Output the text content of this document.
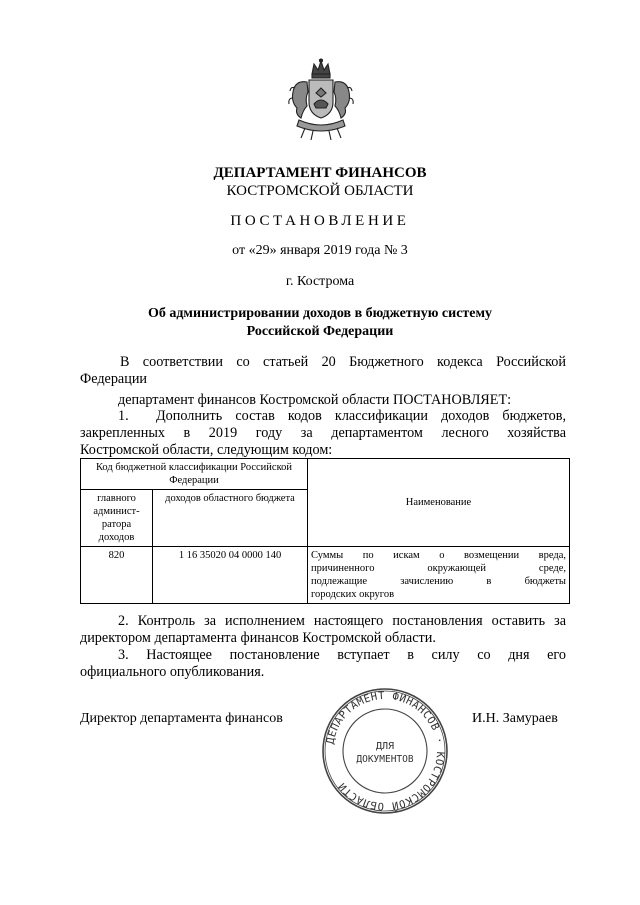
ДЕПАРТАМЕНТ ФИНАНСОВ
КОСТРОМСКОЙ ОБЛАСТИ
ПОСТАНОВЛЕНИЕ
от «29» января 2019 года № 3
г. Кострома
Об администрировании доходов в бюджетную систему
Российской Федерации
В соответствии со статьей 20 Бюджетного кодекса Российской
Федерации
департамент финансов Костромской области ПОСТАНОВЛЯЕТ:
1. Дополнить состав кодов классификации доходов бюджетов,
закрепленных в 2019 году за департаментом лесного хозяйства
Костромской области, следующим кодом:
Код бюджетной классификации Российской Федерации		Наименование

главного
админист-
ратора
доходов	доходов областного бюджета	
820	1 16 35020 04 0000 140	Суммы по искам о возмещении вреда,
причиненного окружающей среде,
подлежащие зачислению в бюджеты
городских округов
2. Контроль за исполнением настоящего постановления оставить за
директором департамента финансов Костромской области.
3. Настоящее постановление вступает в силу со дня его
официального опубликования.
Директор департамента финансов	И.Н. Замураев
ДЕПАРТАМЕНТ ФИНАНСОВ · КОСТРОМСКОЙ ОБЛАСТИ
ДЛЯ
ДОКУМЕНТОВ
